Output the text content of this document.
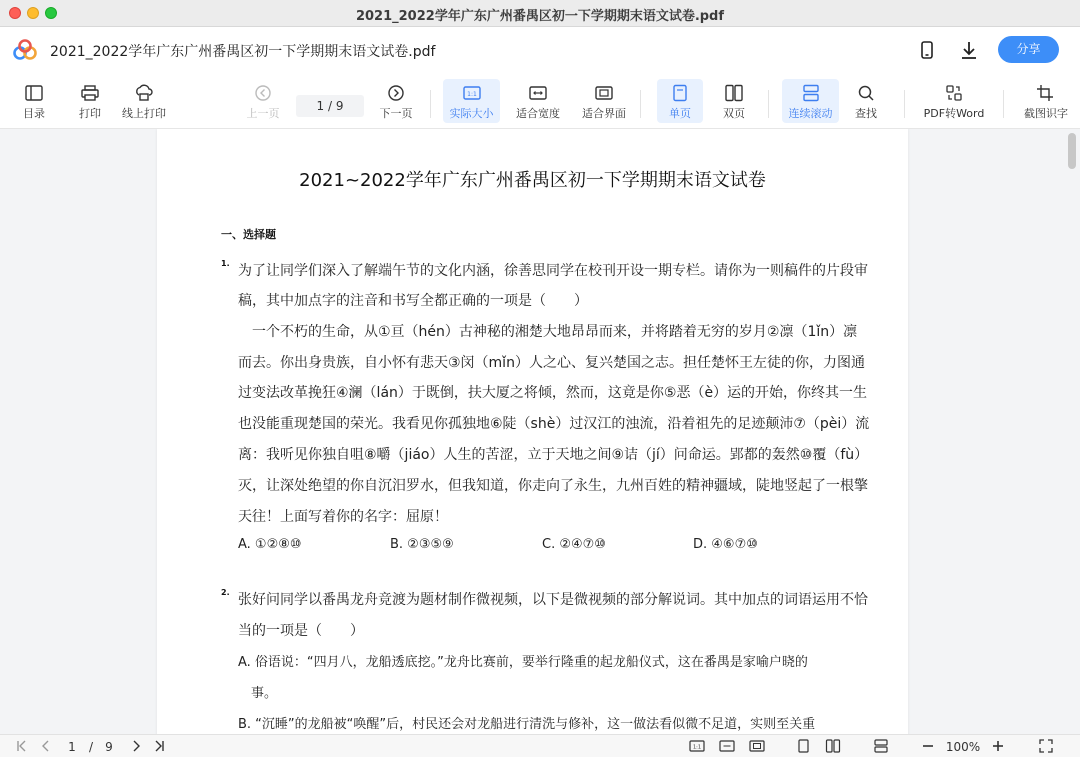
2021_2022学年广东广州番禺区初一下学期期末语文试卷.pdf
2021_2022学年广东广州番禺区初一下学期期末语文试卷.pdf	分享
目录	打印	线上打印	上一页
1 / 9
下一页
1:1
实际大小	适合宽度	适合界面	单页	双页	连续滚动	查找	PDF转Word	截图识字
2021~2022学年广东广州番禺区初一下学期期末语文试卷
一、选择题
1. 为了让同学们深入了解端午节的文化内涵，徐善思同学在校刊开设一期专栏。请你为一则稿件的片段审
稿，其中加点字的注音和书写全都正确的一项是（　　）
　一个不朽的生命，从①亘（hén）古神秘的湘楚大地昂昂而来，并将踏着无穷的岁月②凛（1ǐn）凛
而去。你出身贵族，自小怀有悲天③闵（mǐn）人之心、复兴楚国之志。担任楚怀王左徒的你，力图通
过变法改革挽狂④澜（lán）于既倒，扶大厦之将倾，然而，这竟是你⑤恶（è）运的开始，你终其一生
也没能重现楚国的荣光。我看见你孤独地⑥陡（shè）过汉江的浊流，沿着祖先的足迹颠沛⑦（pèi）流
离：我听见你独自咀⑧嚼（jiáo）人生的苦涩，立于天地之间⑨诘（jí）问命运。郢都的轰然⑩覆（fù）
灭，让深处绝望的你自沉汨罗水，但我知道，你走向了永生，九州百姓的精神疆域，陡地竖起了一根擎
天往！上面写着你的名字：屈原！
A. ①②⑧⑩	B. ②③⑤⑨	C. ②④⑦⑩	D. ④⑥⑦⑩
2. 张好问同学以番禺龙舟竞渡为题材制作微视频，以下是微视频的部分解说词。其中加点的词语运用不恰
当的一项是（　　）
A. 俗语说：“四月八，龙船透底挖。”龙舟比赛前，要举行隆重的起龙船仪式，这在番禺是家喻户晓的
　事。
B. “沉睡”的龙船被“唤醒”后，村民还会对龙船进行清洗与修补，这一做法看似微不足道，实则至关重
1	/	9	1:1	100%
